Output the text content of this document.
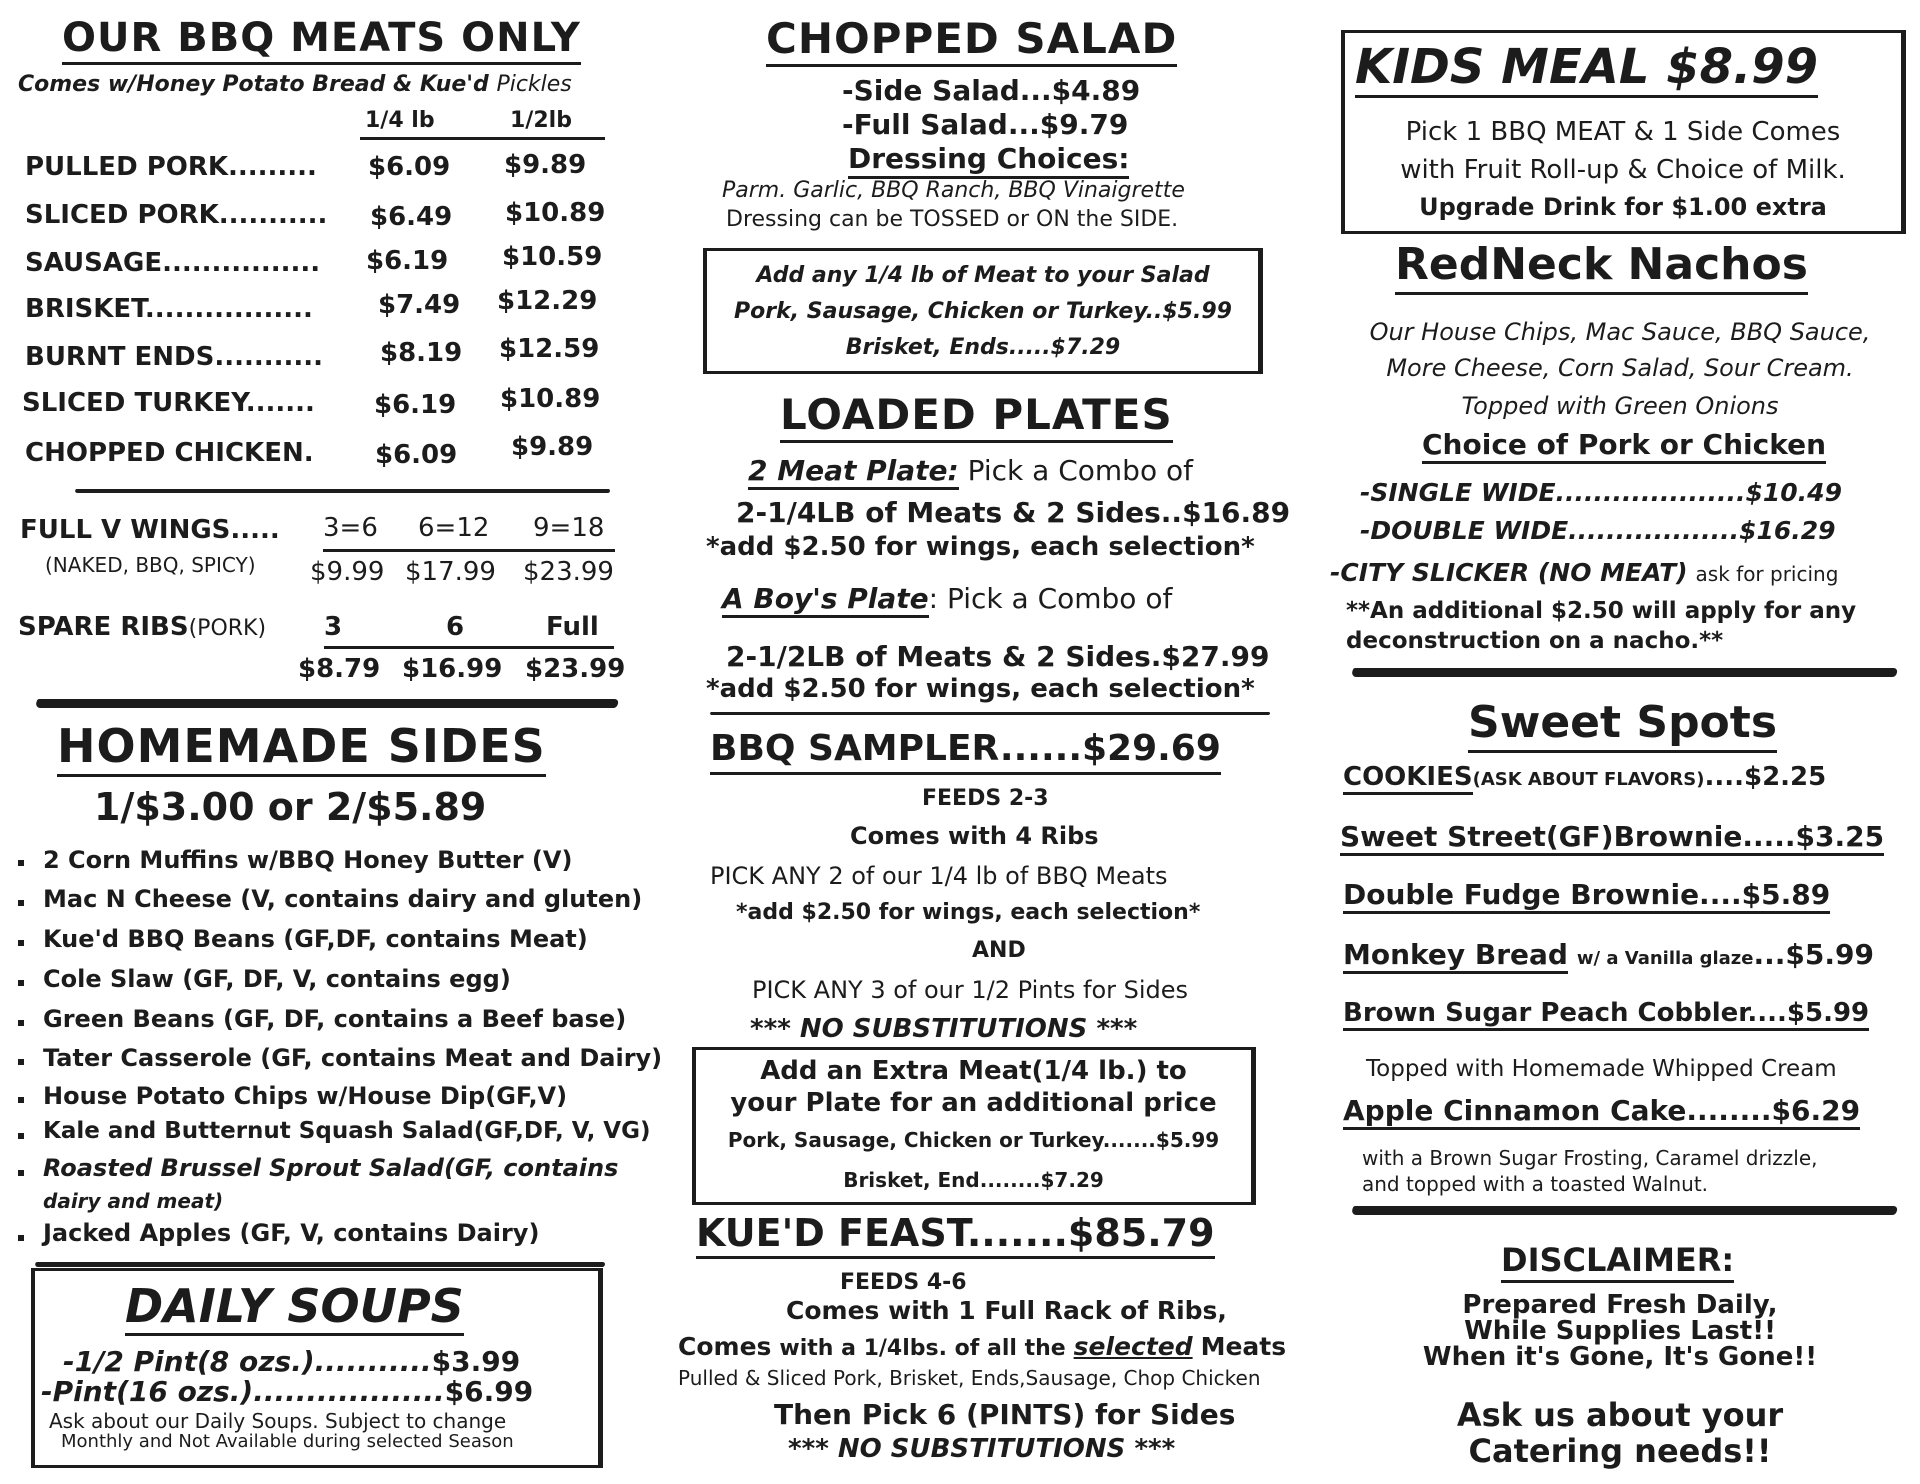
OUR BBQ MEATS ONLY
Comes w/Honey Potato Bread & Kue'd Pickles
1/4 lb	1/2lb

PULLED PORK......... $6.09 $9.89
SLICED PORK........... $6.49 $10.89
SAUSAGE................ $6.19 $10.59
BRISKET.................	$7.49 $12.29
BURNT ENDS........... $8.19 $12.59
SLICED TURKEY....... $6.19 $10.89
CHOPPED CHICKEN. $6.09 $9.89
FULL V WINGS..... 3=6 6=12 9=18
(NAKED, BBQ, SPICY) $9.99 $17.99 $23.99
SPARE RIBS(PORK) 3	6	Full
$8.79 $16.99 $23.99
HOMEMADE SIDES
1/$3.00 or 2/$5.89
2 Corn Muffins w/BBQ Honey Butter (V)
Mac N Cheese (V, contains dairy and gluten)
Kue'd BBQ Beans (GF,DF, contains Meat)
Cole Slaw (GF, DF, V, contains egg)
Green Beans (GF, DF, contains a Beef base)
Tater Casserole (GF, contains Meat and Dairy)
House Potato Chips w/House Dip(GF,V)
Kale and Butternut Squash Salad(GF,DF, V, VG)
Roasted Brussel Sprout Salad(GF, contains
dairy and meat)
Jacked Apples (GF, V, contains Dairy)
DAILY SOUPS
-1/2 Pint(8 ozs.)...........$3.99
-Pint(16 ozs.)..................$6.99
Ask about our Daily Soups. Subject to change
Monthly and Not Available during selected Season
CHOPPED SALAD
-Side Salad...$4.89
-Full Salad...$9.79
Dressing Choices:
Parm. Garlic, BBQ Ranch, BBQ Vinaigrette
Dressing can be TOSSED or ON the SIDE.
Add any 1/4 lb of Meat to your Salad
Pork, Sausage, Chicken or Turkey..$5.99
Brisket, Ends.....$7.29
LOADED PLATES
2 Meat Plate: Pick a Combo of
2-1/4LB of Meats & 2 Sides..$16.89
*add $2.50 for wings, each selection*
A Boy's Plate: Pick a Combo of
2-1/2LB of Meats & 2 Sides.$27.99
*add $2.50 for wings, each selection*
BBQ SAMPLER......$29.69
FEEDS 2-3
Comes with 4 Ribs
PICK ANY 2 of our 1/4 lb of BBQ Meats
*add $2.50 for wings, each selection*
AND
PICK ANY 3 of our 1/2 Pints for Sides
*** NO SUBSTITUTIONS ***
Add an Extra Meat(1/4 lb.) to
your Plate for an additional price
Pork, Sausage, Chicken or Turkey.......$5.99
Brisket, End........$7.29
KUE'D FEAST.......$85.79
FEEDS 4-6
Comes with 1 Full Rack of Ribs,
Comes with a 1/4lbs. of all the selected Meats
Pulled & Sliced Pork, Brisket, Ends,Sausage, Chop Chicken
Then Pick 6 (PINTS) for Sides
*** NO SUBSTITUTIONS ***
KIDS MEAL $8.99
Pick 1 BBQ MEAT & 1 Side Comes
with Fruit Roll-up & Choice of Milk.
Upgrade Drink for $1.00 extra
RedNeck Nachos
Our House Chips, Mac Sauce, BBQ Sauce,
More Cheese, Corn Salad, Sour Cream.
Topped with Green Onions
Choice of Pork or Chicken
-SINGLE WIDE....................$10.49
-DOUBLE WIDE..................$16.29
-CITY SLICKER (NO MEAT) ask for pricing
**An additional $2.50 will apply for any
deconstruction on a nacho.**
Sweet Spots
COOKIES(ASK ABOUT FLAVORS)....$2.25
Sweet Street(GF)Brownie.....$3.25
Double Fudge Brownie....$5.89
Monkey Bread w/ a Vanilla glaze...$5.99
Brown Sugar Peach Cobbler....$5.99
Topped with Homemade Whipped Cream
Apple Cinnamon Cake........$6.29
with a Brown Sugar Frosting, Caramel drizzle,
and topped with a toasted Walnut.
DISCLAIMER:
Prepared Fresh Daily,
While Supplies Last!!
When it's Gone, It's Gone!!
Ask us about your
Catering needs!!
